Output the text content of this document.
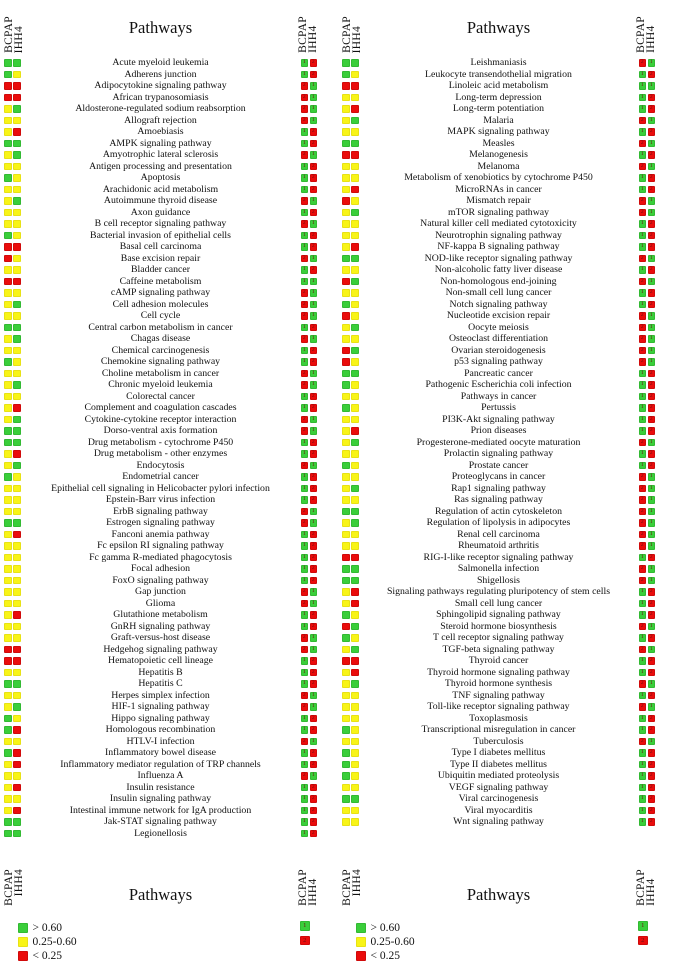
BCPAP
IHH4	Pathways	BCPAP
IHH4
Acute myeloid leukemia	1	2
Adherens junction	1	2
Adipocytokine signaling pathway	2	1
African trypanosomiasis	2	1
Aldosterone-regulated sodium reabsorption	2	1
Allograft rejection	2	1
Amoebiasis	1	2
AMPK signaling pathway	1	2
Amyotrophic lateral sclerosis	2	1
Antigen processing and presentation	1	2
Apoptosis	1	2
Arachidonic acid metabolism	1	2
Autoimmune thyroid disease	2	1
Axon guidance	1	2
B cell receptor signaling pathway	2	1
Bacterial invasion of epithelial cells	1	2
Basal cell carcinoma	1	2
Base excision repair	2	1
Bladder cancer	1	2
Caffeine metabolism	1	1
cAMP signaling pathway	2	1
Cell adhesion molecules	2	1
Cell cycle	2	1
Central carbon metabolism in cancer	1	2
Chagas disease	2	1
Chemical carcinogenesis	1	2
Chemokine signaling pathway	1	2
Choline metabolism in cancer	2	1
Chronic myeloid leukemia	2	1
Colorectal cancer	1	2
Complement and coagulation cascades	1	2
Cytokine-cytokine receptor interaction	2	1
Dorso-ventral axis formation	2	1
Drug metabolism - cytochrome P450	1	2
Drug metabolism - other enzymes	1	2
Endocytosis	2	1
Endometrial cancer	1	2
Epithelial cell signaling in Helicobacter pylori infection	1	2
Epstein-Barr virus infection	1	2
ErbB signaling pathway	2	1
Estrogen signaling pathway	2	1
Fanconi anemia pathway	1	2
Fc epsilon RI signaling pathway	1	2
Fc gamma R-mediated phagocytosis	1	2
Focal adhesion	1	2
FoxO signaling pathway	1	2
Gap junction	2	1
Glioma	2	1
Glutathione metabolism	1	2
GnRH signaling pathway	1	2
Graft-versus-host disease	2	1
Hedgehog signaling pathway	2	1
Hematopoietic cell lineage	1	2
Hepatitis B	1	2
Hepatitis C	1	2
Herpes simplex infection	2	1
HIF-1 signaling pathway	2	1
Hippo signaling pathway	1	2
Homologous recombination	1	2
HTLV-I infection	2	1
Inflammatory bowel disease	1	2
Inflammatory mediator regulation of TRP channels	1	2
Influenza A	2	1
Insulin resistance	1	2
Insulin signaling pathway	1	2
Intestinal immune network for IgA production	1	2
Jak-STAT signaling pathway	1	2
Legionellosis	1	2
BCPAP
IHH4	Pathways	BCPAP
IHH4
> 0.60
0.25-0.60
< 0.25
1
2
BCPAP
IHH4	Pathways	BCPAP
IHH4
Leishmaniasis	2	1
Leukocyte transendothelial migration	1	2
Linoleic acid metabolism	1	1
Long-term depression	1	2
Long-term potentiation	1	2
Malaria	2	1
MAPK signaling pathway	1	2
Measles	2	1
Melanogenesis	1	2
Melanoma	2	1
Metabolism of xenobiotics by cytochrome P450	1	2
MicroRNAs in cancer	1	2
Mismatch repair	2	1
mTOR signaling pathway	2	1
Natural killer cell mediated cytotoxicity	1	2
Neurotrophin signaling pathway	1	2
NF-kappa B signaling pathway	1	2
NOD-like receptor signaling pathway	2	1
Non-alcoholic fatty liver disease	1	2
Non-homologous end-joining	2	1
Non-small cell lung cancer	1	2
Notch signaling pathway	1	2
Nucleotide excision repair	2	1
Oocyte meiosis	2	1
Osteoclast differentiation	2	1
Ovarian steroidogenesis	2	1
p53 signaling pathway	2	1
Pancreatic cancer	1	2
Pathogenic Escherichia coli infection	1	2
Pathways in cancer	1	2
Pertussis	1	2
PI3K-Akt signaling pathway	1	2
Prion diseases	1	2
Progesterone-mediated oocyte maturation	2	1
Prolactin signaling pathway	1	2
Prostate cancer	1	2
Proteoglycans in cancer	2	1
Rap1 signaling pathway	2	1
Ras signaling pathway	2	1
Regulation of actin cytoskeleton	2	1
Regulation of lipolysis in adipocytes	2	1
Renal cell carcinoma	2	1
Rheumatoid arthritis	2	1
RIG-I-like receptor signaling pathway	1	2
Salmonella infection	2	1
Shigellosis	2	1
Signaling pathways regulating pluripotency of stem cells	1	2
Small cell lung cancer	1	2
Sphingolipid signaling pathway	1	2
Steroid hormone biosynthesis	2	1
T cell receptor signaling pathway	1	2
TGF-beta signaling pathway	2	1
Thyroid cancer	1	2
Thyroid hormone signaling pathway	1	2
Thyroid hormone synthesis	2	1
TNF signaling pathway	1	2
Toll-like receptor signaling pathway	2	1
Toxoplasmosis	1	2
Transcriptional misregulation in cancer	1	2
Tuberculosis	2	1
Type I diabetes mellitus	1	2
Type II diabetes mellitus	1	2
Ubiquitin mediated proteolysis	1	2
VEGF signaling pathway	1	2
Viral carcinogenesis	1	2
Viral myocarditis	1	2
Wnt signaling pathway	1	2
BCPAP
IHH4	Pathways	BCPAP
IHH4
> 0.60
0.25-0.60
< 0.25
1
2
